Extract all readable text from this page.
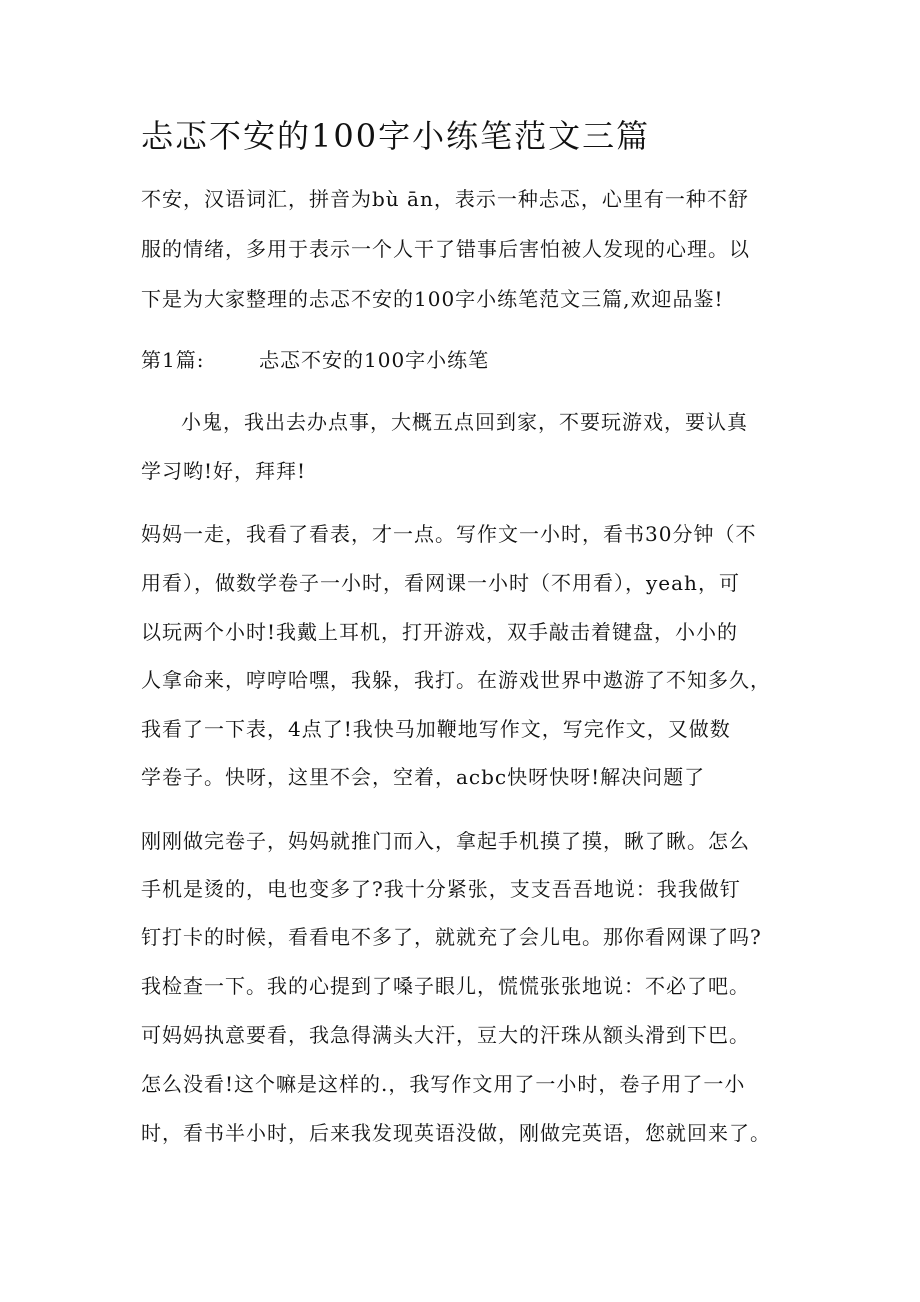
忐忑不安的100字小练笔范文三篇

不安，汉语词汇，拼音为bù ān，表示一种忐忑，心里有一种不舒

服的情绪，多用于表示一个人干了错事后害怕被人发现的心理。以

下是为大家整理的忐忑不安的100字小练笔范文三篇,欢迎品鉴!

第1篇:	忐忑不安的100字小练笔

小鬼，我出去办点事，大概五点回到家，不要玩游戏，要认真

学习哟!好，拜拜!

妈妈一走，我看了看表，才一点。写作文一小时，看书30分钟（不

用看），做数学卷子一小时，看网课一小时（不用看），yeah，可

以玩两个小时!我戴上耳机，打开游戏，双手敲击着键盘，小小的

人拿命来，哼哼哈嘿，我躲，我打。在游戏世界中遨游了不知多久，

我看了一下表，4点了!我快马加鞭地写作文，写完作文，又做数

学卷子。快呀，这里不会，空着，acbc快呀快呀!解决问题了

刚刚做完卷子，妈妈就推门而入，拿起手机摸了摸，瞅了瞅。怎么

手机是烫的，电也变多了?我十分紧张，支支吾吾地说：我我做钉

钉打卡的时候，看看电不多了，就就充了会儿电。那你看网课了吗?

我检查一下。我的心提到了嗓子眼儿，慌慌张张地说：不必了吧。

可妈妈执意要看，我急得满头大汗，豆大的汗珠从额头滑到下巴。

怎么没看!这个嘛是这样的.，我写作文用了一小时，卷子用了一小

时，看书半小时，后来我发现英语没做，刚做完英语，您就回来了。
